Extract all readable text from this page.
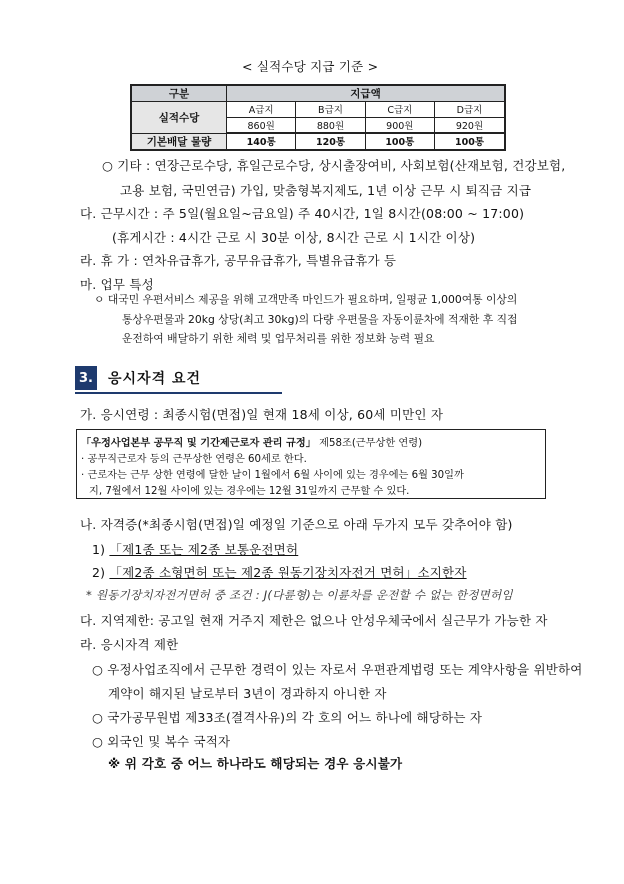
< 실적수당 지급 기준 >
구분	지급액			
실적수당	A급지	B급지	C급지	D급지
	860원	880원	900원	920원
기본배달 물량	140통	120통	100통	100통
○ 기타 : 연장근로수당, 휴일근로수당, 상시출장여비, 사회보험(산재보험, 건강보험,
고용 보험, 국민연금) 가입, 맞춤형복지제도, 1년 이상 근무 시 퇴직금 지급
다. 근무시간 : 주 5일(월요일~금요일) 주 40시간, 1일 8시간(08:00 ~ 17:00)
(휴게시간 : 4시간 근로 시 30분 이상, 8시간 근로 시 1시간 이상)
라. 휴 가 : 연차유급휴가, 공무유급휴가, 특별유급휴가 등
마. 업무 특성
ㅇ 대국민 우편서비스 제공을 위해 고객만족 마인드가 필요하며, 일평균 1,000여통 이상의
통상우편물과 20kg 상당(최고 30kg)의 다량 우편물을 자동이륜차에 적재한 후 직접
운전하여 배달하기 위한 체력 및 업무처리를 위한 정보화 능력 필요
3. 응시자격 요건
가. 응시연령 : 최종시험(면접)일 현재 18세 이상, 60세 미만인 자
「우정사업본부 공무직 및 기간제근로자 관리 규정」 제58조(근무상한 연령)
· 공무직근로자 등의 근무상한 연령은 60세로 한다.
· 근로자는 근무 상한 연령에 달한 날이 1월에서 6월 사이에 있는 경우에는 6월 30일까
지, 7월에서 12월 사이에 있는 경우에는 12월 31일까지 근무할 수 있다.
나. 자격증(*최종시험(면접)일 예정일 기준으로 아래 두가지 모두 갖추어야 함)
1) 「제1종 또는 제2종 보통운전면허
2) 「제2종 소형면허 또는 제2종 원동기장치자전거 면허」소지한자
* 원동기장치자전거면허 중 조건 : J(다륜형)는 이륜차를 운전할 수 없는 한정면허임
다. 지역제한: 공고일 현재 거주지 제한은 없으나 안성우체국에서 실근무가 가능한 자
라. 응시자격 제한
○ 우정사업조직에서 근무한 경력이 있는 자로서 우편관계법령 또는 계약사항을 위반하여
계약이 해지된 날로부터 3년이 경과하지 아니한 자
○ 국가공무원법 제33조(결격사유)의 각 호의 어느 하나에 해당하는 자
○ 외국인 및 복수 국적자
※ 위 각호 중 어느 하나라도 해당되는 경우 응시불가
